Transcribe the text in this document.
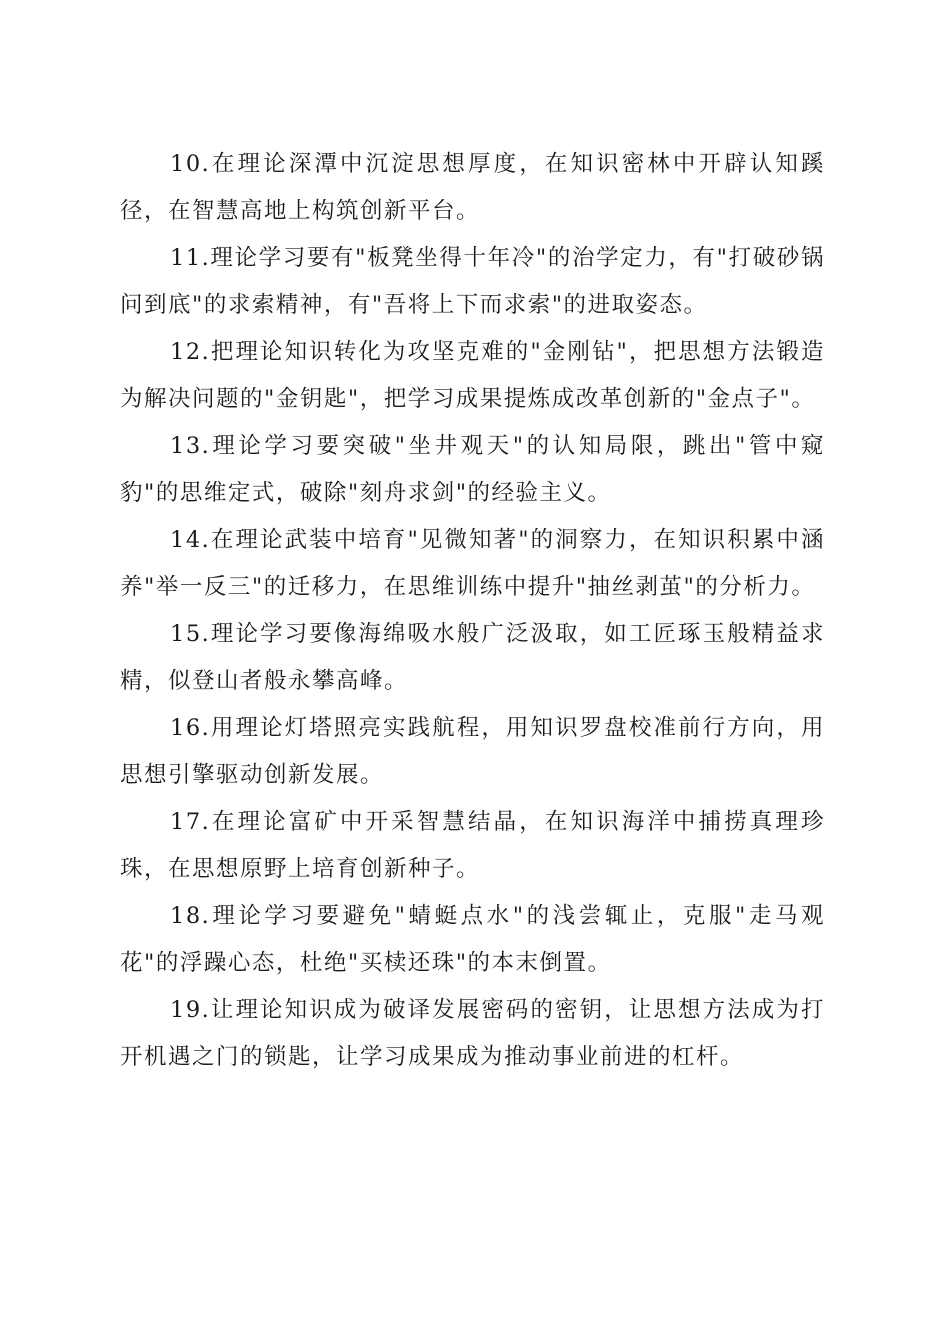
10.在理论深潭中沉淀思想厚度，在知识密林中开辟认知蹊径，在智慧高地上构筑创新平台。

11.理论学习要有"板凳坐得十年冷"的治学定力，有"打破砂锅问到底"的求索精神，有"吾将上下而求索"的进取姿态。

12.把理论知识转化为攻坚克难的"金刚钻"，把思想方法锻造为解决问题的"金钥匙"，把学习成果提炼成改革创新的"金点子"。

13.理论学习要突破"坐井观天"的认知局限，跳出"管中窥豹"的思维定式，破除"刻舟求剑"的经验主义。

14.在理论武装中培育"见微知著"的洞察力，在知识积累中涵养"举一反三"的迁移力，在思维训练中提升"抽丝剥茧"的分析力。

15.理论学习要像海绵吸水般广泛汲取，如工匠琢玉般精益求精，似登山者般永攀高峰。

16.用理论灯塔照亮实践航程，用知识罗盘校准前行方向，用思想引擎驱动创新发展。

17.在理论富矿中开采智慧结晶，在知识海洋中捕捞真理珍珠，在思想原野上培育创新种子。

18.理论学习要避免"蜻蜓点水"的浅尝辄止，克服"走马观花"的浮躁心态，杜绝"买椟还珠"的本末倒置。

19.让理论知识成为破译发展密码的密钥，让思想方法成为打开机遇之门的锁匙，让学习成果成为推动事业前进的杠杆。
